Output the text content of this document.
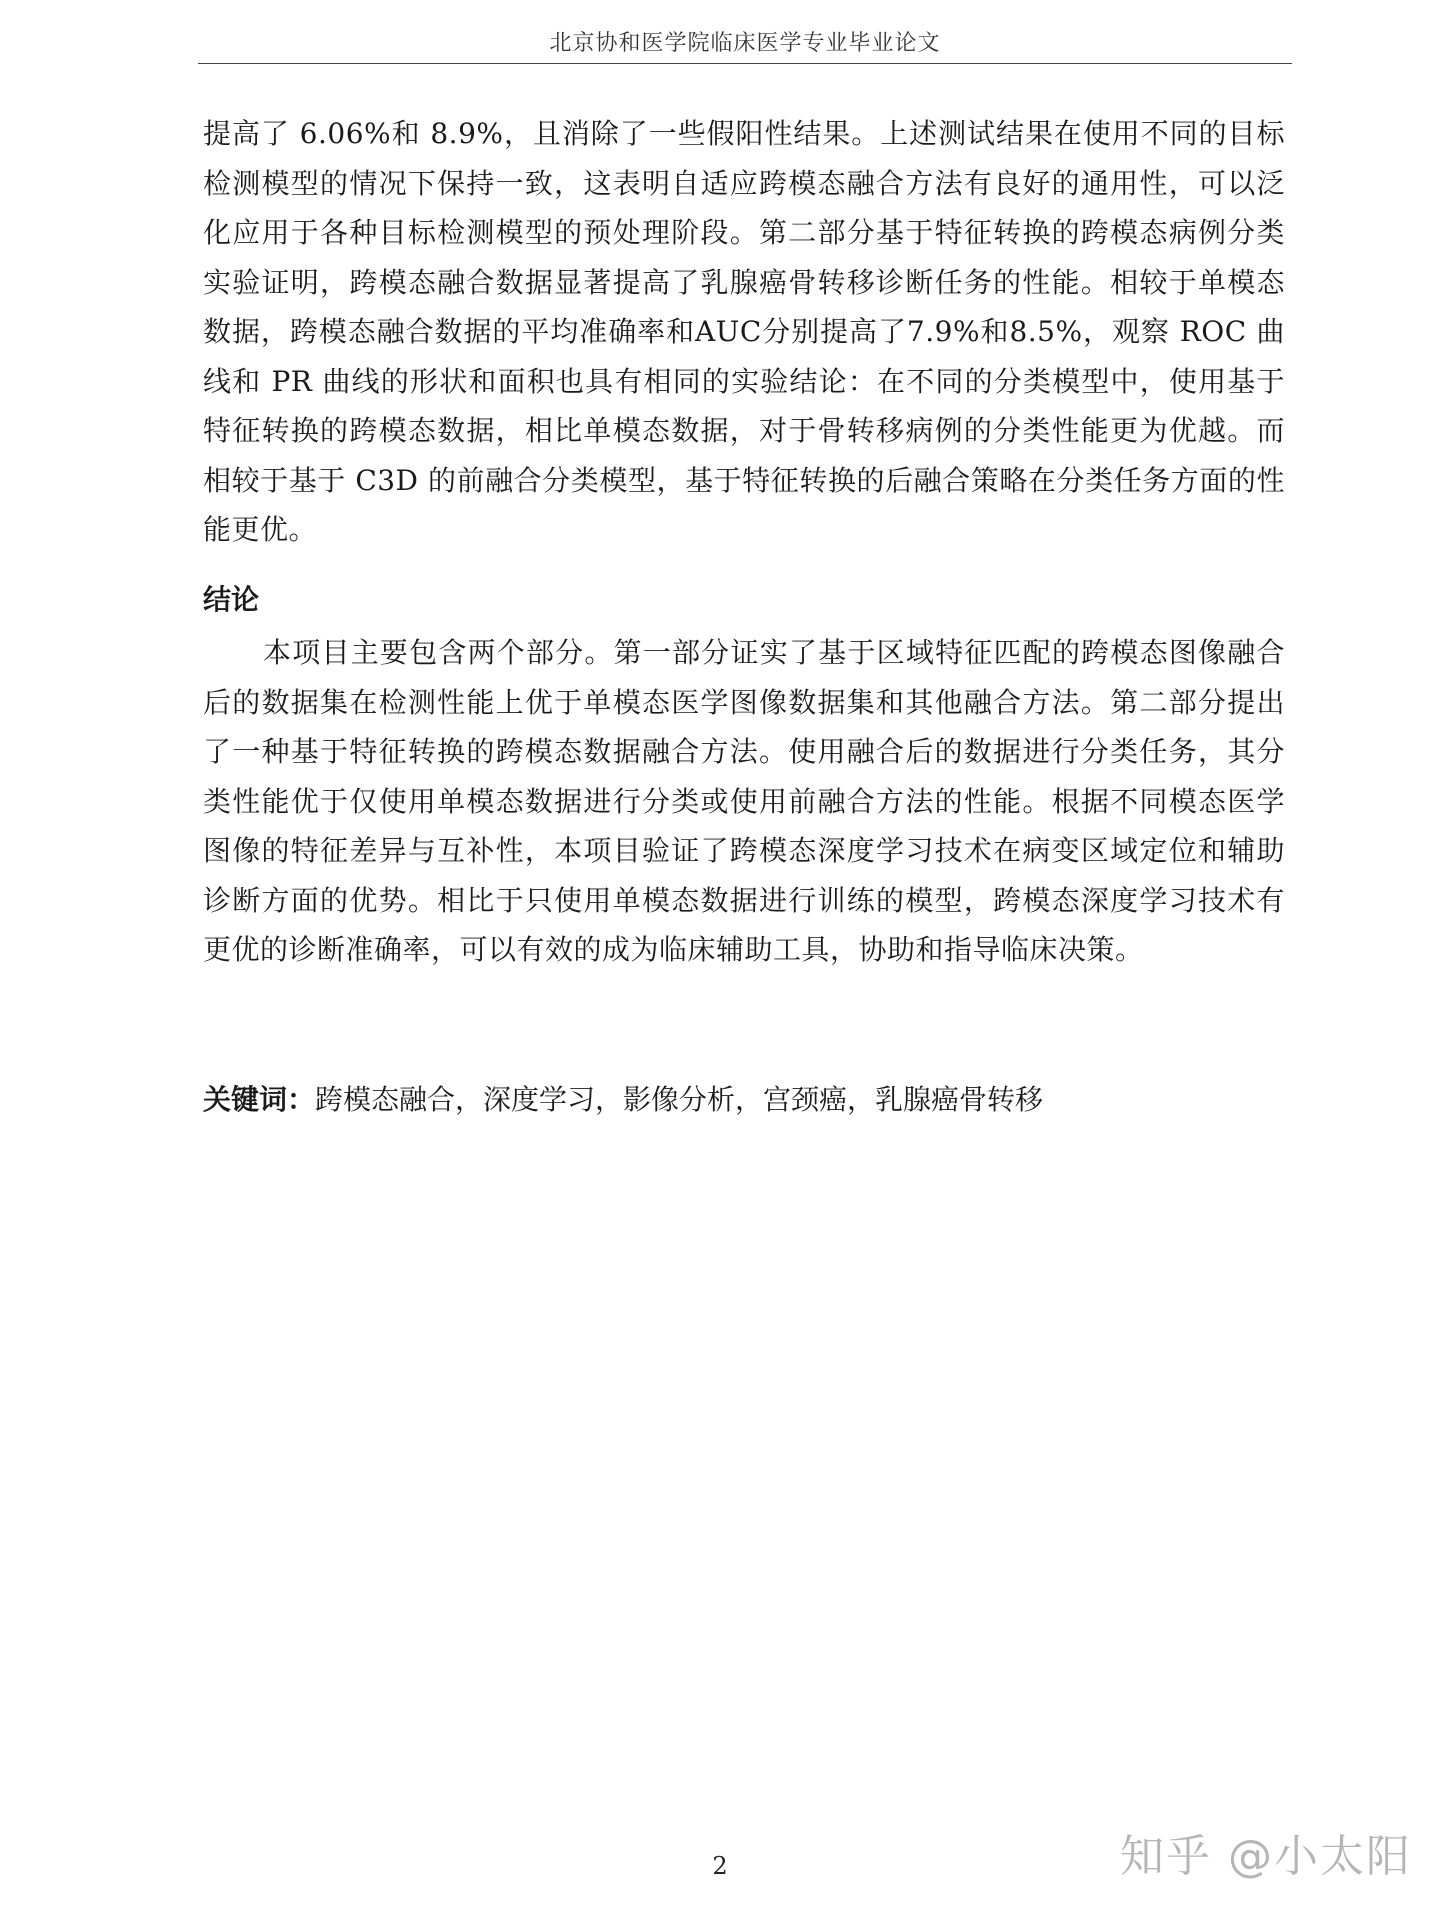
北京协和医学院临床医学专业毕业论文

提高了 6.06%和 8.9%，且消除了一些假阳性结果。上述测试结果在使用不同的目标检测模型的情况下保持一致，这表明自适应跨模态融合方法有良好的通用性，可以泛化应用于各种目标检测模型的预处理阶段。第二部分基于特征转换的跨模态病例分类实验证明，跨模态融合数据显著提高了乳腺癌骨转移诊断任务的性能。相较于单模态数据，跨模态融合数据的平均准确率和AUC分别提高了7.9%和8.5%，观察 ROC 曲线和 PR 曲线的形状和面积也具有相同的实验结论：在不同的分类模型中，使用基于特征转换的跨模态数据，相比单模态数据，对于骨转移病例的分类性能更为优越。而相较于基于 C3D 的前融合分类模型，基于特征转换的后融合策略在分类任务方面的性能更优。

结论

本项目主要包含两个部分。第一部分证实了基于区域特征匹配的跨模态图像融合后的数据集在检测性能上优于单模态医学图像数据集和其他融合方法。第二部分提出了一种基于特征转换的跨模态数据融合方法。使用融合后的数据进行分类任务，其分类性能优于仅使用单模态数据进行分类或使用前融合方法的性能。根据不同模态医学图像的特征差异与互补性，本项目验证了跨模态深度学习技术在病变区域定位和辅助诊断方面的优势。相比于只使用单模态数据进行训练的模型，跨模态深度学习技术有更优的诊断准确率，可以有效的成为临床辅助工具，协助和指导临床决策。

关键词：跨模态融合，深度学习，影像分析，宫颈癌，乳腺癌骨转移

2	知乎 @小太阳
